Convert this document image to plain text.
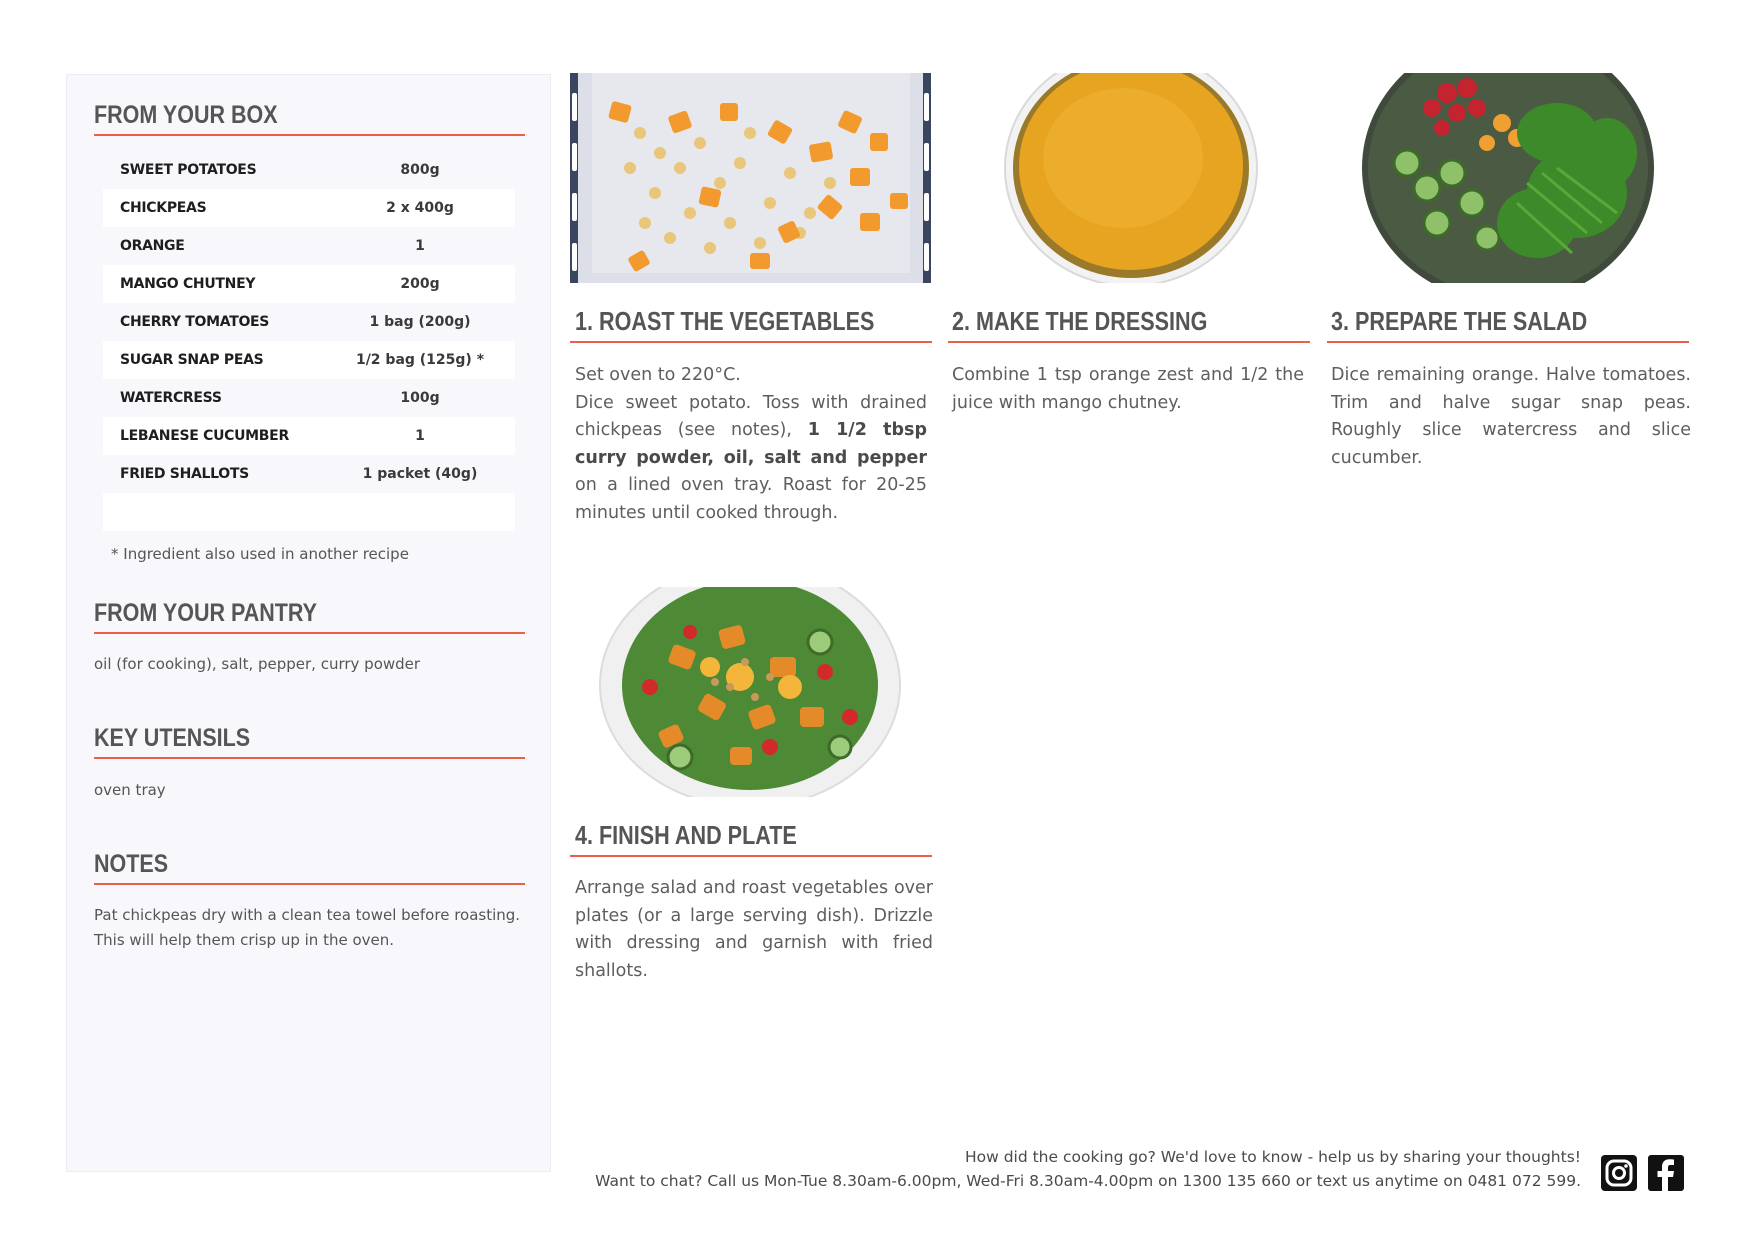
FROM YOUR BOX
SWEET POTATOES	800g
CHICKPEAS	2 x 400g
ORANGE	1
MANGO CHUTNEY	200g
CHERRY TOMATOES	1 bag (200g)
SUGAR SNAP PEAS	1/2 bag (125g) *
WATERCRESS	100g
LEBANESE CUCUMBER	1
FRIED SHALLOTS	1 packet (40g)
* Ingredient also used in another recipe
FROM YOUR PANTRY
oil (for cooking), salt, pepper, curry powder
KEY UTENSILS
oven tray
NOTES
Pat chickpeas dry with a clean tea towel before roasting.
This will help them crisp up in the oven.
1. ROAST THE VEGETABLES
Set oven to 220°C.
Dice sweet potato. Toss with drained chickpeas (see notes), 1 1/2 tbsp curry powder, oil, salt and pepper on a lined oven tray. Roast for 20-25 minutes until cooked through.
2. MAKE THE DRESSING
Combine 1 tsp orange zest and 1/2 the juice with mango chutney.
3. PREPARE THE SALAD
Dice remaining orange. Halve tomatoes. Trim and halve sugar snap peas. Roughly slice watercress and slice cucumber.
4. FINISH AND PLATE
Arrange salad and roast vegetables over plates (or a large serving dish). Drizzle with dressing and garnish with fried shallots.
How did the cooking go? We'd love to know - help us by sharing your thoughts!
Want to chat? Call us Mon-Tue 8.30am-6.00pm, Wed-Fri 8.30am-4.00pm on 1300 135 660 or text us anytime on 0481 072 599.
